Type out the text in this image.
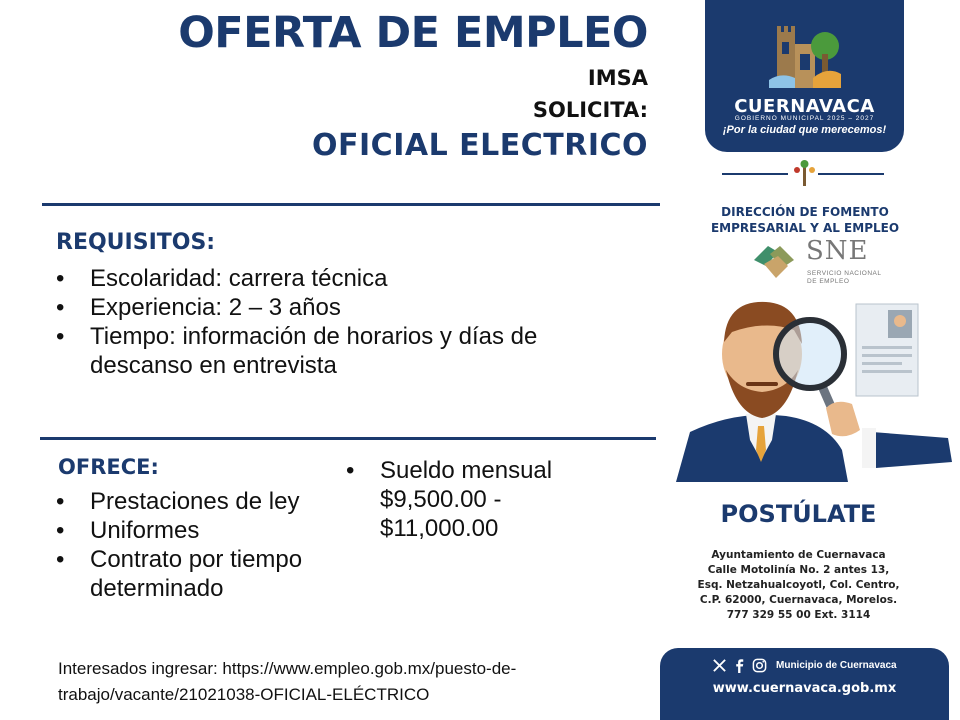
OFERTA DE EMPLEO
IMSA
SOLICITA:
OFICIAL ELECTRICO
REQUISITOS:
• Escolaridad: carrera técnica
• Experiencia: 2 – 3 años
• Tiempo: información de horarios y días de descanso en entrevista
OFRECE:
• Prestaciones de ley
• Uniformes
• Contrato por tiempo determinado
• Sueldo mensual $9,500.00 - $11,000.00
Interesados ingresar: https://www.empleo.gob.mx/puesto-de-trabajo/vacante/21021038-OFICIAL-ELÉCTRICO
CUERNAVACA
GOBIERNO MUNICIPAL 2025 – 2027
¡Por la ciudad que merecemos!
DIRECCIÓN DE FOMENTO
EMPRESARIAL Y AL EMPLEO
SNE
SERVICIO NACIONAL
DE EMPLEO
POSTÚLATE
Ayuntamiento de Cuernavaca
Calle Motolinía No. 2 antes 13,
Esq. Netzahualcoyotl, Col. Centro,
C.P. 62000, Cuernavaca, Morelos.
777 329 55 00 Ext. 3114
Municipio de Cuernavaca
www.cuernavaca.gob.mx
